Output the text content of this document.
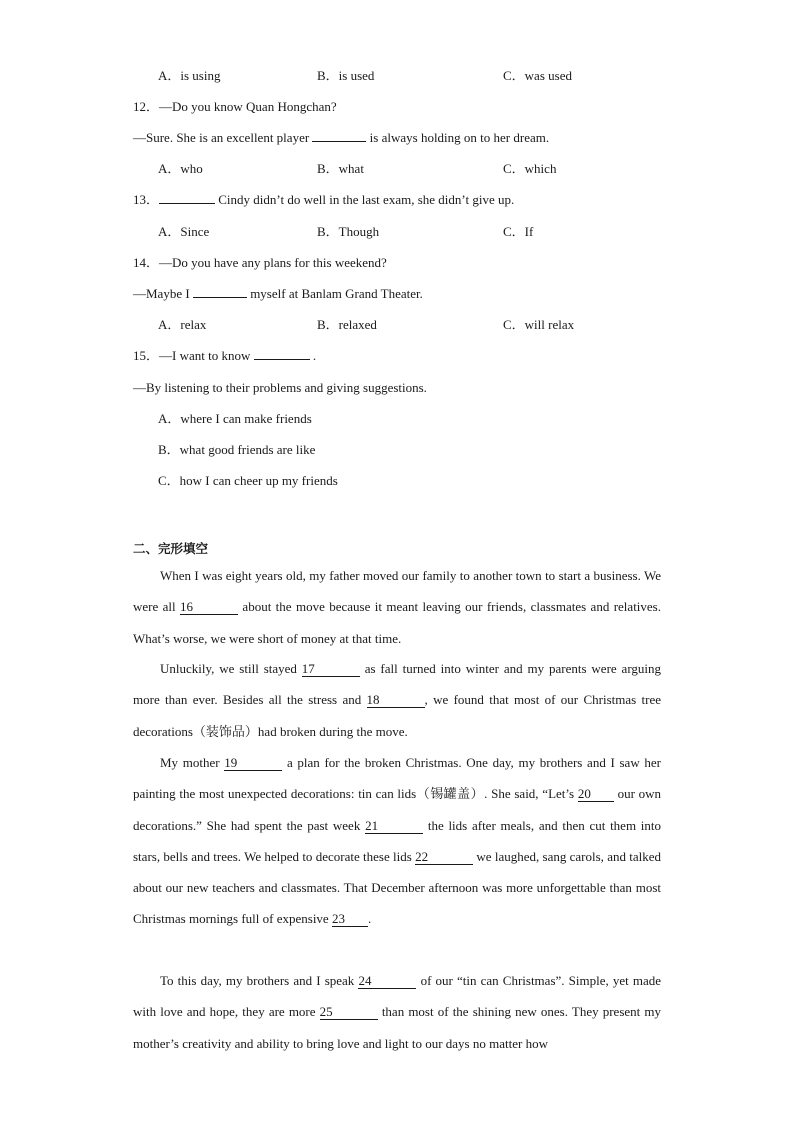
A．is using	B．is used	C．was used
12．—Do you know Quan Hongchan?
—Sure. She is an excellent player	is always holding on to her dream.
A．who	B．what	C．which
13．	Cindy didn’t do well in the last exam, she didn’t give up.
A．Since	B．Though	C．If
14．—Do you have any plans for this weekend?
—Maybe I	myself at Banlam Grand Theater.
A．relax	B．relaxed	C．will relax
15．—I want to know	.
—By listening to their problems and giving suggestions.
A．where I can make friends
B．what good friends are like
C．how I can cheer up my friends
二、完形填空
When I was eight years old, my father moved our family to another town to start a business. We were all 16	about the move because it meant leaving our friends, classmates and relatives. What’s worse, we were short of money at that time.
Unluckily, we still stayed 17	as fall turned into winter and my parents were arguing more than ever. Besides all the stress and 18	, we found that most of our Christmas tree decorations（装饰品）had broken during the move.
My mother 19	a plan for the broken Christmas. One day, my brothers and I saw her painting the most unexpected decorations: tin can lids（锡罐盖）. She said, “Let’s 20 our own decorations.” She had spent the past week 21	the lids after meals, and then cut them into stars, bells and trees. We helped to decorate these lids 22	we laughed, sang carols, and talked about our new teachers and classmates. That December afternoon was more unforgettable than most Christmas mornings full of expensive 23 .
To this day, my brothers and I speak 24	of our “tin can Christmas”. Simple, yet made with love and hope, they are more 25	than most of the shining new ones. They present my mother’s creativity and ability to bring love and light to our days no matter how
